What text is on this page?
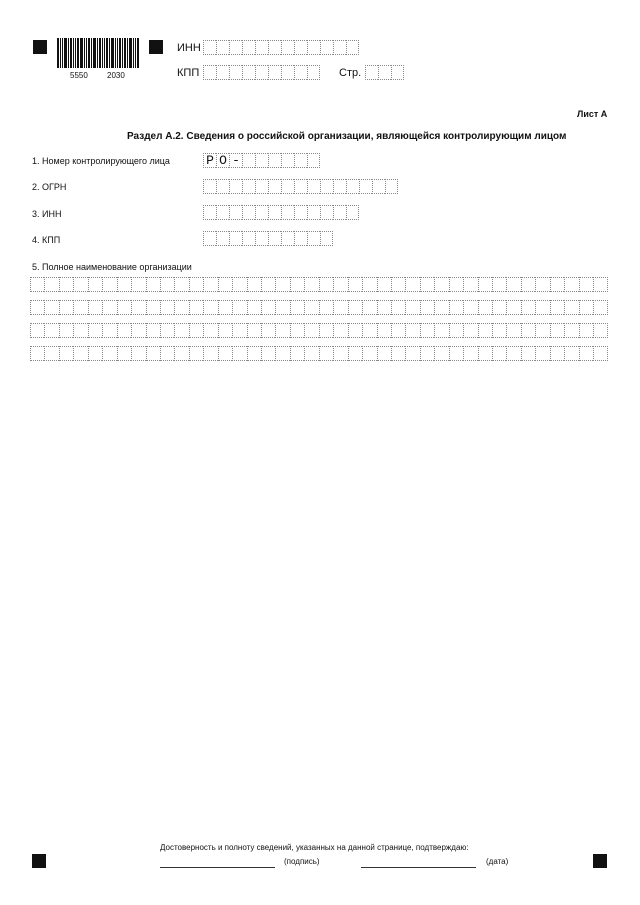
5550 2030
ИНН
КПП	Стр.
Лист А
Раздел А.2. Сведения о российской организации, являющейся контролирующим лицом
1. Номер контролирующего лица	Р О -
2. ОГРН
3. ИНН
4. КПП
5. Полное наименование организации
Достоверность и полноту сведений, указанных на данной странице, подтверждаю:
(подпись)	(дата)
